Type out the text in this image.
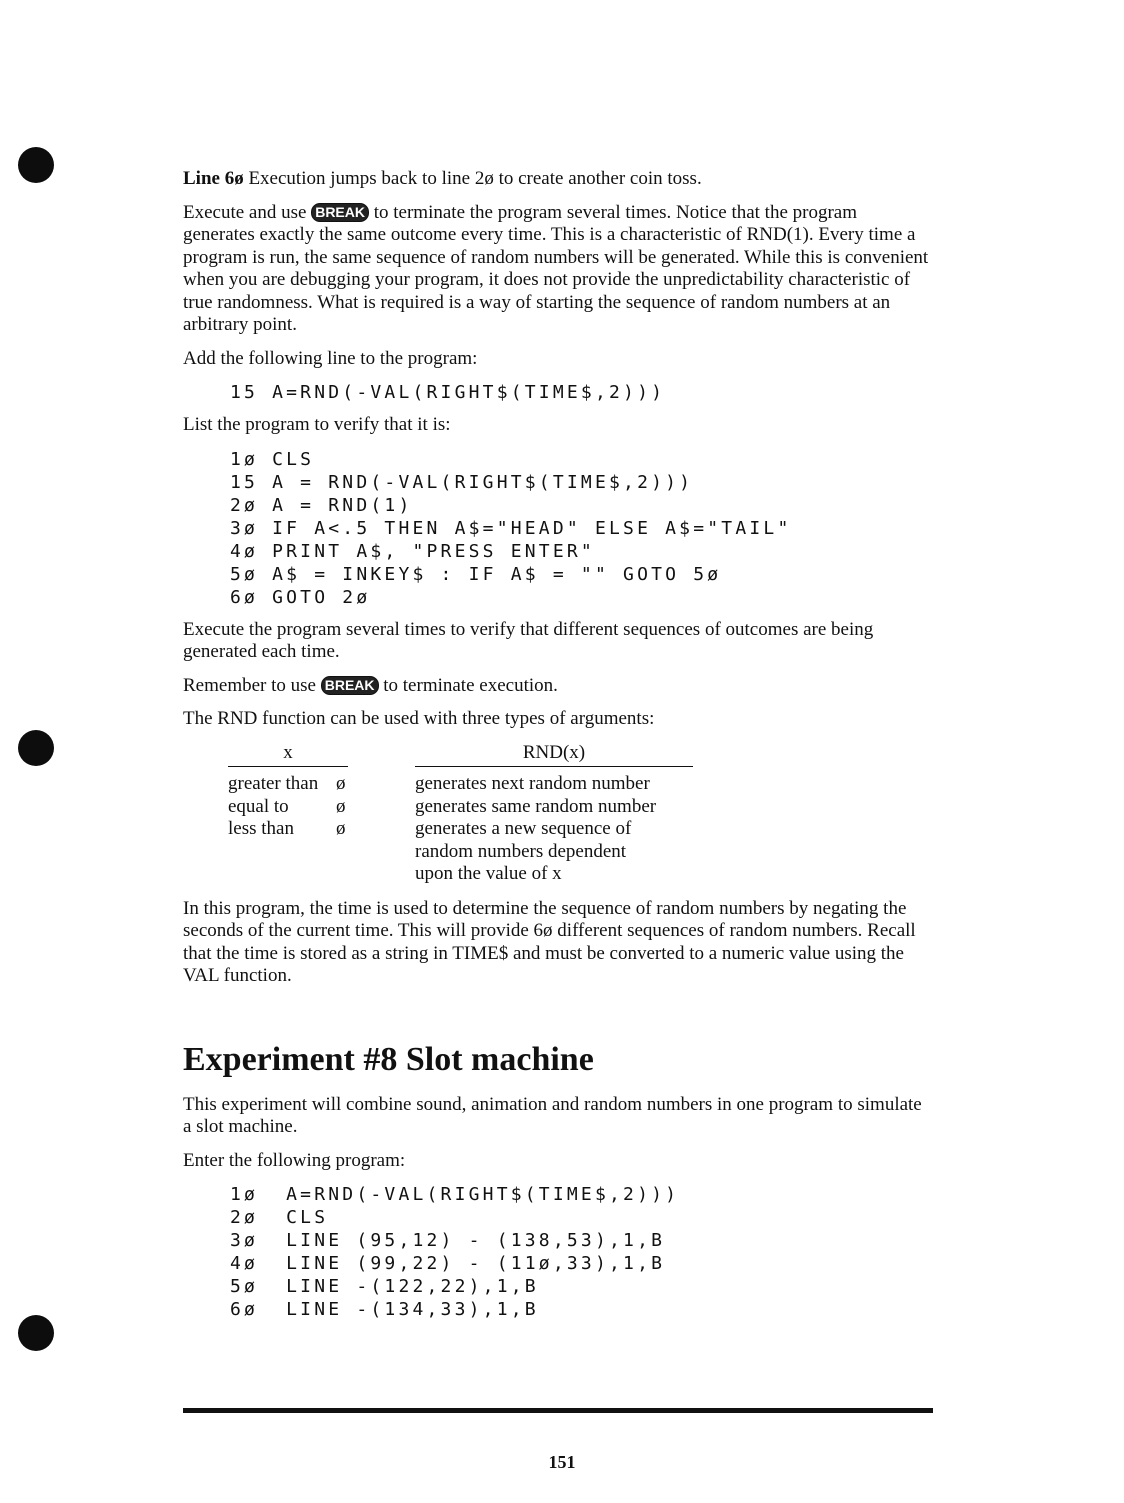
Line 6ø Execution jumps back to line 2ø to create another coin toss.

Execute and use BREAK to terminate the program several times. Notice that the program generates exactly the same outcome every time. This is a characteristic of RND(1). Every time a program is run, the same sequence of random numbers will be generated. While this is convenient when you are debugging your program, it does not provide the unpredictability characteristic of true randomness. What is required is a way of starting the sequence of random numbers at an arbitrary point.

Add the following line to the program:

15 A=RND(-VAL(RIGHT$(TIME$,2)))

List the program to verify that it is:

1ø CLS
15 A = RND(-VAL(RIGHT$(TIME$,2)))
2ø A = RND(1)
3ø IF A<.5 THEN A$="HEAD" ELSE A$="TAIL"
4ø PRINT A$, "PRESS ENTER"
5ø A$ = INKEY$ : IF A$ = "" GOTO 5ø
6ø GOTO 2ø

Execute the program several times to verify that different sequences of outcomes are being generated each time.

Remember to use BREAK to terminate execution.

The RND function can be used with three types of arguments:

x	RND(x)
greater than ø	generates next random number
equal to	ø	generates same random number
less than	ø	generates a new sequence of random numbers dependent upon the value of x

In this program, the time is used to determine the sequence of random numbers by negating the seconds of the current time. This will provide 6ø different sequences of random numbers. Recall that the time is stored as a string in TIME$ and must be converted to a numeric value using the VAL function.

Experiment #8 Slot machine

This experiment will combine sound, animation and random numbers in one program to simulate a slot machine.

Enter the following program:

1ø  A=RND(-VAL(RIGHT$(TIME$,2)))
2ø  CLS
3ø  LINE (95,12) - (138,53),1,B
4ø  LINE (99,22) - (11ø,33),1,B
5ø  LINE -(122,22),1,B
6ø  LINE -(134,33),1,B
151
